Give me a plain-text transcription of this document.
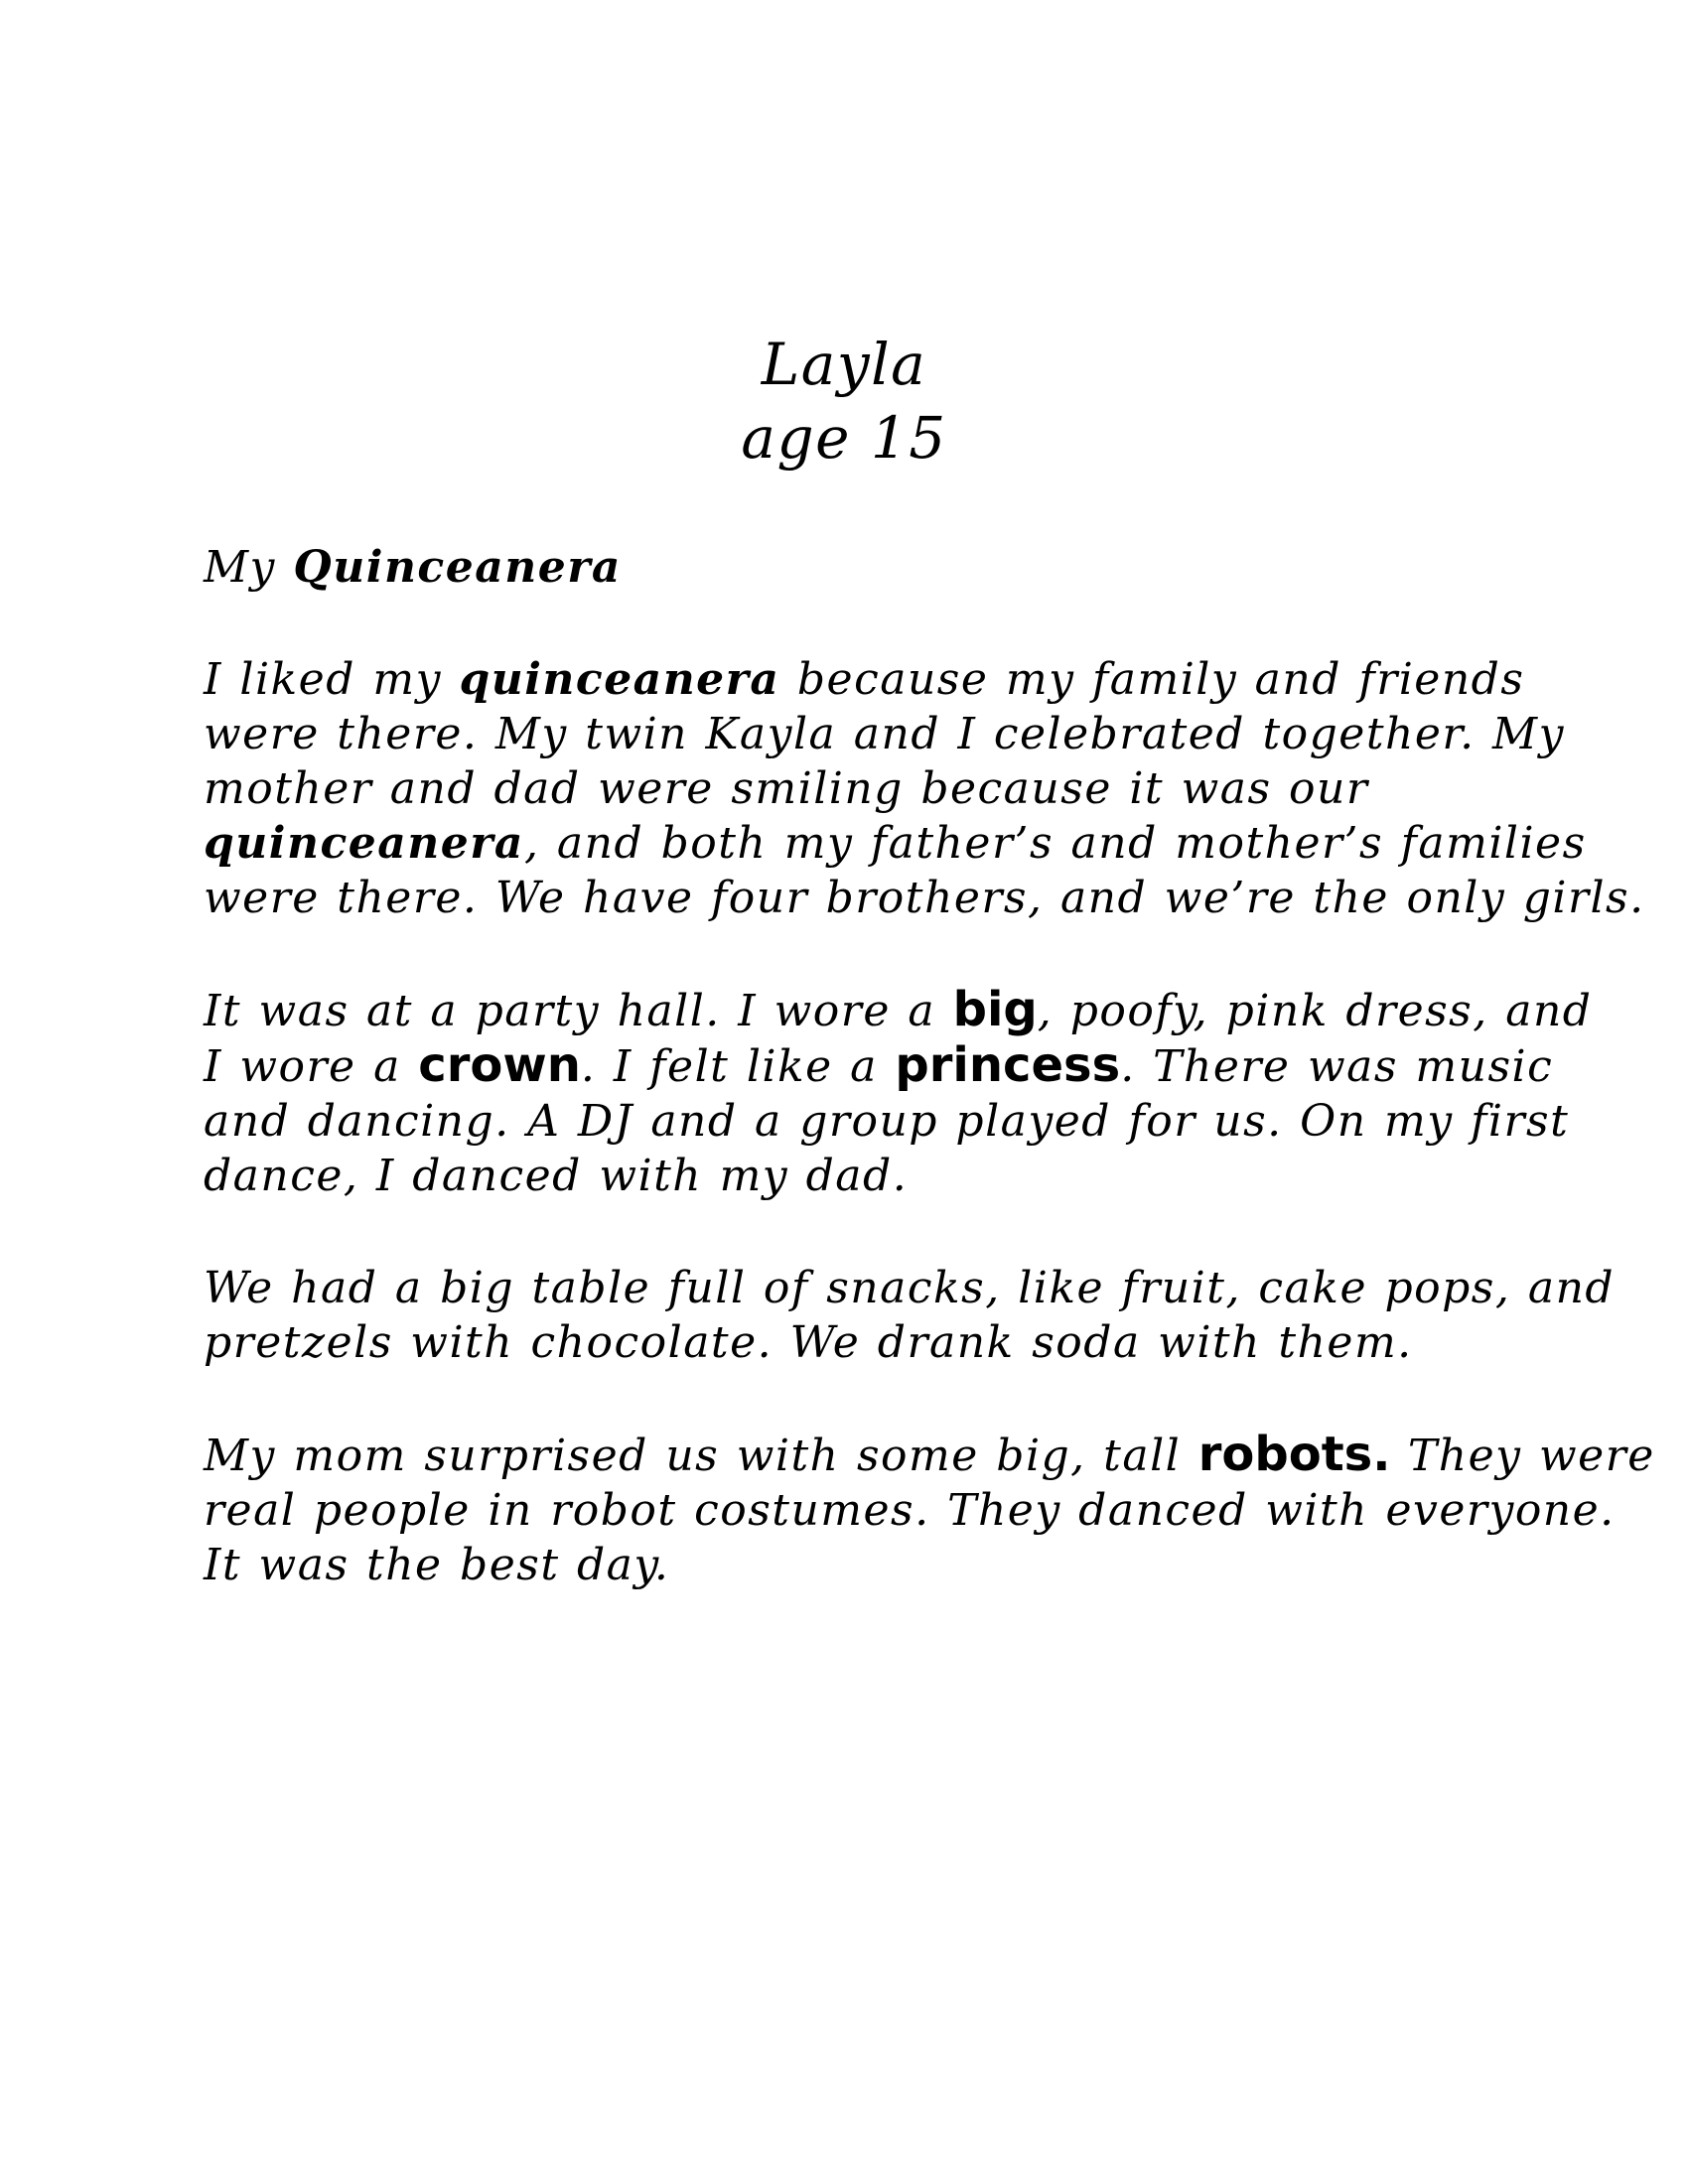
Layla
age 15
My Quinceanera
I liked my quinceanera because my family and friends
were there. My twin Kayla and I celebrated together. My
mother and dad were smiling because it was our
quinceanera, and both my father’s and mother’s families
were there. We have four brothers, and we’re the only girls.
It was at a party hall. I wore a big, poofy, pink dress, and
I wore a crown. I felt like a princess. There was music
and dancing. A DJ and a group played for us. On my first
dance, I danced with my dad.
We had a big table full of snacks, like fruit, cake pops, and
pretzels with chocolate. We drank soda with them.
My mom surprised us with some big, tall robots. They were
real people in robot costumes. They danced with everyone.
It was the best day.
